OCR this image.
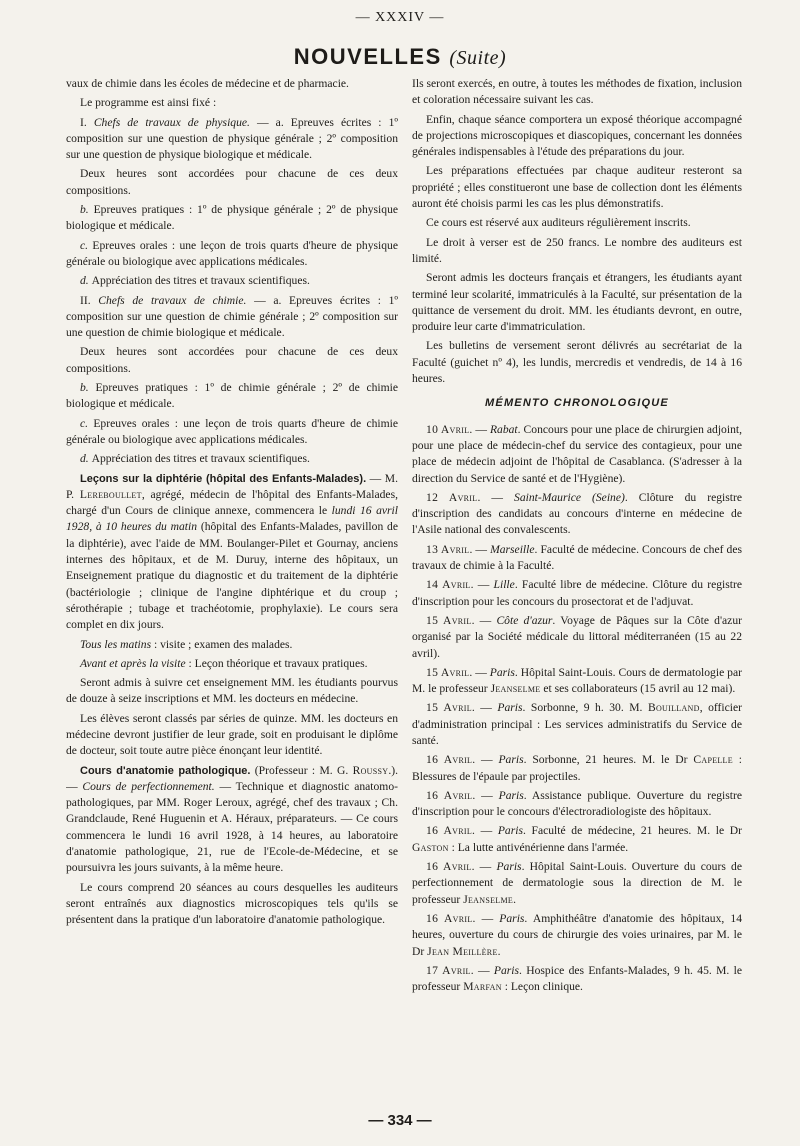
— XXXIV —
NOUVELLES (Suite)

vaux de chimie dans les écoles de médecine et de pharmacie.

Le programme est ainsi fixé :

I. Chefs de travaux de physique. — a. Epreuves écrites : 1º composition sur une question de physique générale ; 2º composition sur une question de physique biologique et médicale.

Deux heures sont accordées pour chacune de ces deux compositions.

b. Epreuves pratiques : 1º de physique générale ; 2º de physique biologique et médicale.

c. Epreuves orales : une leçon de trois quarts d'heure de physique générale ou biologique avec applications médicales.

d. Appréciation des titres et travaux scientifiques.

II. Chefs de travaux de chimie. — a. Epreuves écrites : 1º composition sur une question de chimie générale ; 2º composition sur une question de chimie biologique et médicale.

Deux heures sont accordées pour chacune de ces deux compositions.

b. Epreuves pratiques : 1º de chimie générale ; 2º de chimie biologique et médicale.

c. Epreuves orales : une leçon de trois quarts d'heure de chimie générale ou biologique avec applications médicales.

d. Appréciation des titres et travaux scientifiques.

Leçons sur la diphtérie (hôpital des Enfants-Malades). — M. P. Lereboullet, agrégé, médecin de l'hôpital des Enfants-Malades, chargé d'un Cours de clinique annexe, commencera le lundi 16 avril 1928, à 10 heures du matin (hôpital des Enfants-Malades, pavillon de la diphtérie), avec l'aide de MM. Boulanger-Pilet et Gournay, anciens internes des hôpitaux, et de M. Duruy, interne des hôpitaux, un Enseignement pratique du diagnostic et du traitement de la diphtérie (bactériologie ; clinique de l'angine diphtérique et du croup ; sérothérapie ; tubage et trachéotomie, prophylaxie). Le cours sera complet en dix jours.

Tous les matins : visite ; examen des malades.

Avant et après la visite : Leçon théorique et travaux pratiques.

Seront admis à suivre cet enseignement MM. les étudiants pourvus de douze à seize inscriptions et MM. les docteurs en médecine.

Les élèves seront classés par séries de quinze. MM. les docteurs en médecine devront justifier de leur grade, soit en produisant le diplôme de docteur, soit toute autre pièce énonçant leur identité.

Cours d'anatomie pathologique. (Professeur : M. G. Roussy.). — Cours de perfectionnement. — Technique et diagnostic anatomo-pathologiques, par MM. Roger Leroux, agrégé, chef des travaux ; Ch. Grandclaude, René Huguenin et A. Héraux, préparateurs. — Ce cours commencera le lundi 16 avril 1928, à 14 heures, au laboratoire d'anatomie pathologique, 21, rue de l'Ecole-de-Médecine, et se poursuivra les jours suivants, à la même heure.

Le cours comprend 20 séances au cours desquelles les auditeurs seront entraînés aux diagnostics microscopiques tels qu'ils se présentent dans la pratique d'un laboratoire d'anatomie pathologique.

Ils seront exercés, en outre, à toutes les méthodes de fixation, inclusion et coloration nécessaire suivant les cas.

Enfin, chaque séance comportera un exposé théorique accompagné de projections microscopiques et diascopiques, concernant les données générales indispensables à l'étude des préparations du jour.

Les préparations effectuées par chaque auditeur resteront sa propriété ; elles constitueront une base de collection dont les éléments auront été choisis parmi les cas les plus démonstratifs.

Ce cours est réservé aux auditeurs régulièrement inscrits.

Le droit à verser est de 250 francs. Le nombre des auditeurs est limité.

Seront admis les docteurs français et étrangers, les étudiants ayant terminé leur scolarité, immatriculés à la Faculté, sur présentation de la quittance de versement du droit. MM. les étudiants devront, en outre, produire leur carte d'immatriculation.

Les bulletins de versement seront délivrés au secrétariat de la Faculté (guichet nº 4), les lundis, mercredis et vendredis, de 14 à 16 heures.

MÉMENTO CHRONOLOGIQUE

10 Avril. — Rabat. Concours pour une place de chirurgien adjoint, pour une place de médecin-chef du service des contagieux, pour une place de médecin adjoint de l'hôpital de Casablanca. (S'adresser à la direction du Service de santé et de l'Hygiène).

12 Avril. — Saint-Maurice (Seine). Clôture du registre d'inscription des candidats au concours d'interne en médecine de l'Asile national des convalescents.

13 Avril. — Marseille. Faculté de médecine. Concours de chef des travaux de chimie à la Faculté.

14 Avril. — Lille. Faculté libre de médecine. Clôture du registre d'inscription pour les concours du prosectorat et de l'adjuvat.

15 Avril. — Côte d'azur. Voyage de Pâques sur la Côte d'azur organisé par la Société médicale du littoral méditerranéen (15 au 22 avril).

15 Avril. — Paris. Hôpital Saint-Louis. Cours de dermatologie par M. le professeur Jeanselme et ses collaborateurs (15 avril au 12 mai).

15 Avril. — Paris. Sorbonne, 9 h. 30. M. Bouilland, officier d'administration principal : Les services administratifs du Service de santé.

16 Avril. — Paris. Sorbonne, 21 heures. M. le Dr Capelle : Blessures de l'épaule par projectiles.

16 Avril. — Paris. Assistance publique. Ouverture du registre d'inscription pour le concours d'électroradiologiste des hôpitaux.

16 Avril. — Paris. Faculté de médecine, 21 heures. M. le Dr Gaston : La lutte antivénérienne dans l'armée.

16 Avril. — Paris. Hôpital Saint-Louis. Ouverture du cours de perfectionnement de dermatologie sous la direction de M. le professeur Jeanselme.

16 Avril. — Paris. Amphithéâtre d'anatomie des hôpitaux, 14 heures, ouverture du cours de chirurgie des voies urinaires, par M. le Dr Jean Meillère.

17 Avril. — Paris. Hospice des Enfants-Malades, 9 h. 45. M. le professeur Marfan : Leçon clinique.

— 334 —
